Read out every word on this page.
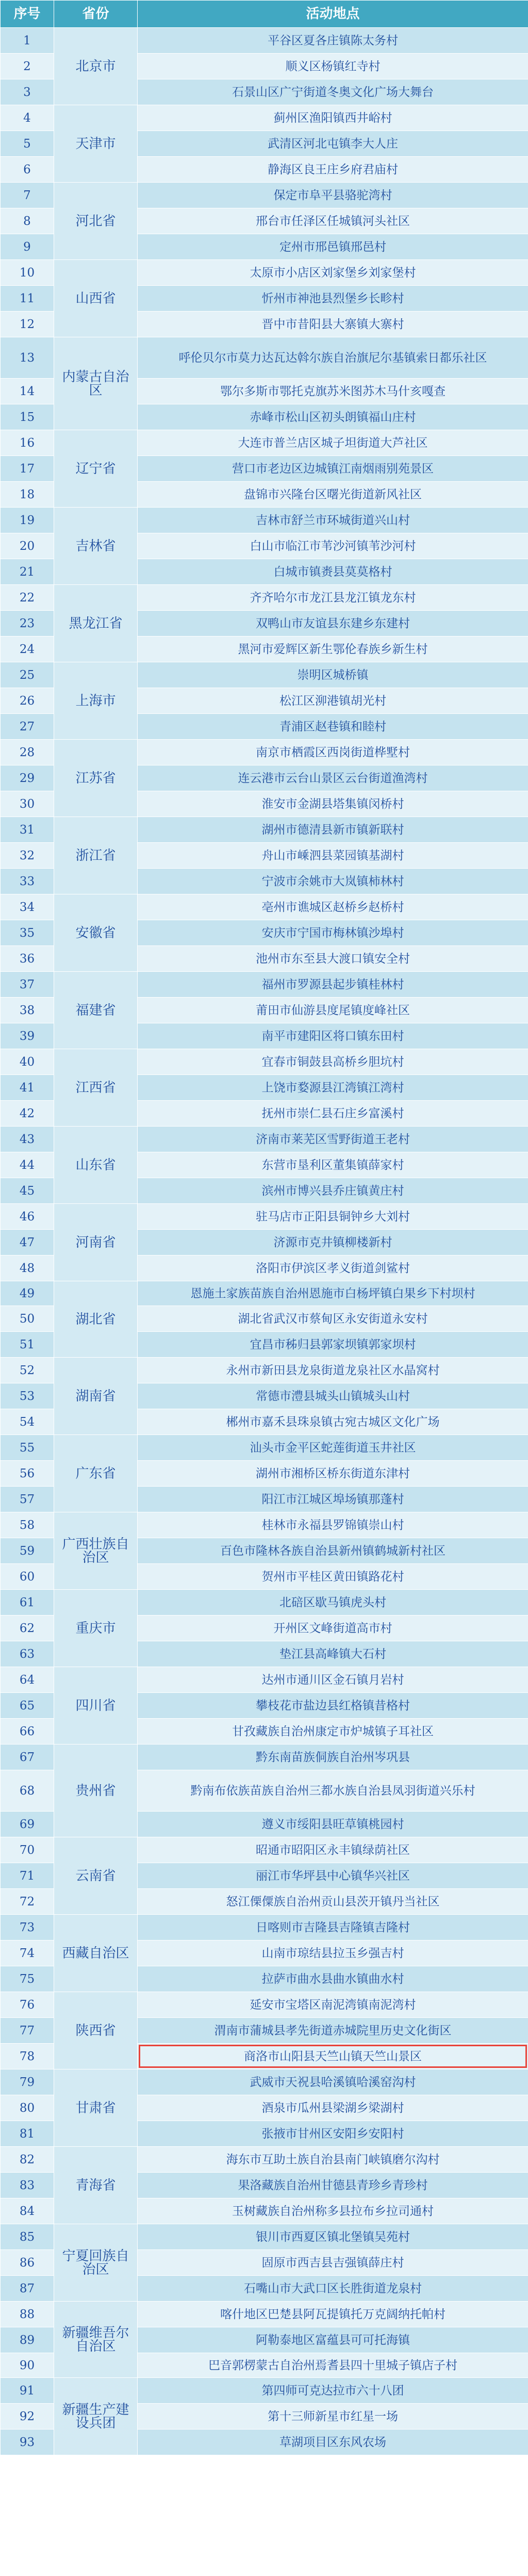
序号	省份	活动地点
1	北京市	平谷区夏各庄镇陈太务村
2		顺义区杨镇红寺村
3		石景山区广宁街道冬奥文化广场大舞台
4	天津市	蓟州区渔阳镇西井峪村
5		武清区河北屯镇李大人庄
6		静海区良王庄乡府君庙村
7	河北省	保定市阜平县骆驼湾村
8		邢台市任泽区任城镇河头社区
9		定州市邢邑镇邢邑村
10	山西省	太原市小店区刘家堡乡刘家堡村
11		忻州市神池县烈堡乡长畛村
12		晋中市昔阳县大寨镇大寨村
13	内蒙古自治区	呼伦贝尔市莫力达瓦达斡尔族自治旗尼尔基镇索日都乐社区
14		鄂尔多斯市鄂托克旗苏米图苏木马什亥嘎查
15		赤峰市松山区初头朗镇福山庄村
16	辽宁省	大连市普兰店区城子坦街道大芦社区
17		营口市老边区边城镇江南烟雨别苑景区
18		盘锦市兴隆台区曙光街道新风社区
19	吉林省	吉林市舒兰市环城街道兴山村
20		白山市临江市苇沙河镇苇沙河村
21		白城市镇赉县莫莫格村
22	黑龙江省	齐齐哈尔市龙江县龙江镇龙东村
23		双鸭山市友谊县东建乡东建村
24		黑河市爱辉区新生鄂伦春族乡新生村
25	上海市	崇明区城桥镇
26		松江区泖港镇胡光村
27		青浦区赵巷镇和睦村
28	江苏省	南京市栖霞区西岗街道桦墅村
29		连云港市云台山景区云台街道渔湾村
30		淮安市金湖县塔集镇闵桥村
31	浙江省	湖州市德清县新市镇新联村
32		舟山市嵊泗县菜园镇基湖村
33		宁波市余姚市大岚镇柿林村
34	安徽省	亳州市谯城区赵桥乡赵桥村
35		安庆市宁国市梅林镇沙埠村
36		池州市东至县大渡口镇安全村
37	福建省	福州市罗源县起步镇桂林村
38		莆田市仙游县度尾镇度峰社区
39		南平市建阳区将口镇东田村
40	江西省	宜春市铜鼓县高桥乡胆坑村
41		上饶市婺源县江湾镇江湾村
42		抚州市崇仁县石庄乡富溪村
43	山东省	济南市莱芜区雪野街道王老村
44		东营市垦利区董集镇薛家村
45		滨州市博兴县乔庄镇黄庄村
46	河南省	驻马店市正阳县铜钟乡大刘村
47		济源市克井镇柳楼新村
48		洛阳市伊滨区孝义街道剑鲨村
49	湖北省	恩施土家族苗族自治州恩施市白杨坪镇白果乡下村坝村
50		湖北省武汉市蔡甸区永安街道永安村
51		宜昌市秭归县郭家坝镇郭家坝村
52	湖南省	永州市新田县龙泉街道龙泉社区水晶窝村
53		常德市澧县城头山镇城头山村
54		郴州市嘉禾县珠泉镇古宛古城区文化广场
55	广东省	汕头市金平区蛇莲街道玉井社区
56		湖州市湘桥区桥东街道东津村
57		阳江市江城区埠场镇那蓬村
58	广西壮族自治区	桂林市永福县罗锦镇崇山村
59		百色市隆林各族自治县新州镇鹤城新村社区
60		贺州市平桂区黄田镇路花村
61	重庆市	北碚区歇马镇虎头村
62		开州区文峰街道高市村
63		垫江县高峰镇大石村
64	四川省	达州市通川区金石镇月岩村
65		攀枝花市盐边县红格镇昔格村
66		甘孜藏族自治州康定市炉城镇子耳社区
67	贵州省	黔东南苗族侗族自治州岑巩县
68		黔南布依族苗族自治州三都水族自治县凤羽街道兴乐村
69		遵义市绥阳县旺草镇桃园村
70	云南省	昭通市昭阳区永丰镇绿荫社区
71		丽江市华坪县中心镇华兴社区
72		怒江傈僳族自治州贡山县茨开镇丹当社区
73	西藏自治区	日喀则市吉隆县吉隆镇吉隆村
74		山南市琼结县拉玉乡强吉村
75		拉萨市曲水县曲水镇曲水村
76	陕西省	延安市宝塔区南泥湾镇南泥湾村
77		渭南市蒲城县孝先街道赤城院里历史文化街区
78		商洛市山阳县天竺山镇天竺山景区
79	甘肃省	武威市天祝县哈溪镇哈溪窑沟村
80		酒泉市瓜州县梁湖乡梁湖村
81		张掖市甘州区安阳乡安阳村
82	青海省	海东市互助土族自治县南门峡镇磨尔沟村
83		果洛藏族自治州甘德县青珍乡青珍村
84		玉树藏族自治州称多县拉布乡拉司通村
85	宁夏回族自治区	银川市西夏区镇北堡镇吴苑村
86		固原市西吉县吉强镇薛庄村
87		石嘴山市大武口区长胜街道龙泉村
88	新疆维吾尔自治区	喀什地区巴楚县阿瓦提镇托万克阔纳托帕村
89		阿勒泰地区富蕴县可可托海镇
90		巴音郭楞蒙古自治州焉耆县四十里城子镇店子村
91	新疆生产建设兵团	第四师可克达拉市六十八团
92		第十三师新星市红星一场
93		草湖项目区东风农场
